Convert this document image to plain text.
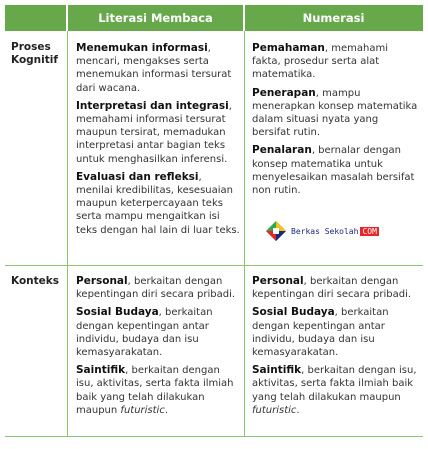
Literasi Membaca	Numerasi
Proses
Kognitif
Menemukan informasi, mencari, mengakses serta menemukan informasi tersurat dari wacana.
Interpretasi dan integrasi, memahami informasi tersurat maupun tersirat, memadukan interpretasi antar bagian teks untuk menghasilkan inferensi.
Evaluasi dan refleksi, menilai kredibilitas, kesesuaian maupun keterpercayaan teks serta mampu mengaitkan isi teks dengan hal lain di luar teks.
Pemahaman, memahami fakta, prosedur serta alat matematika.
Penerapan, mampu menerapkan konsep matematika dalam situasi nyata yang bersifat rutin.
Penalaran, bernalar dengan konsep matematika untuk menyelesaikan masalah bersifat non rutin.
Konteks Personal, berkaitan dengan kepentingan diri secara pribadi.
Sosial Budaya, berkaitan dengan kepentingan antar individu, budaya dan isu kemasyarakatan.
Saintifik, berkaitan dengan isu, aktivitas, serta fakta ilmiah baik yang telah dilakukan maupun futuristic.
Personal, berkaitan dengan kepentingan diri secara pribadi.
Sosial Budaya, berkaitan dengan kepentingan antar individu, budaya dan isu kemasyarakatan.
Saintifik, berkaitan dengan isu, aktivitas, serta fakta ilmiah baik yang telah dilakukan maupun futuristic.
Berkas Sekolah COM
